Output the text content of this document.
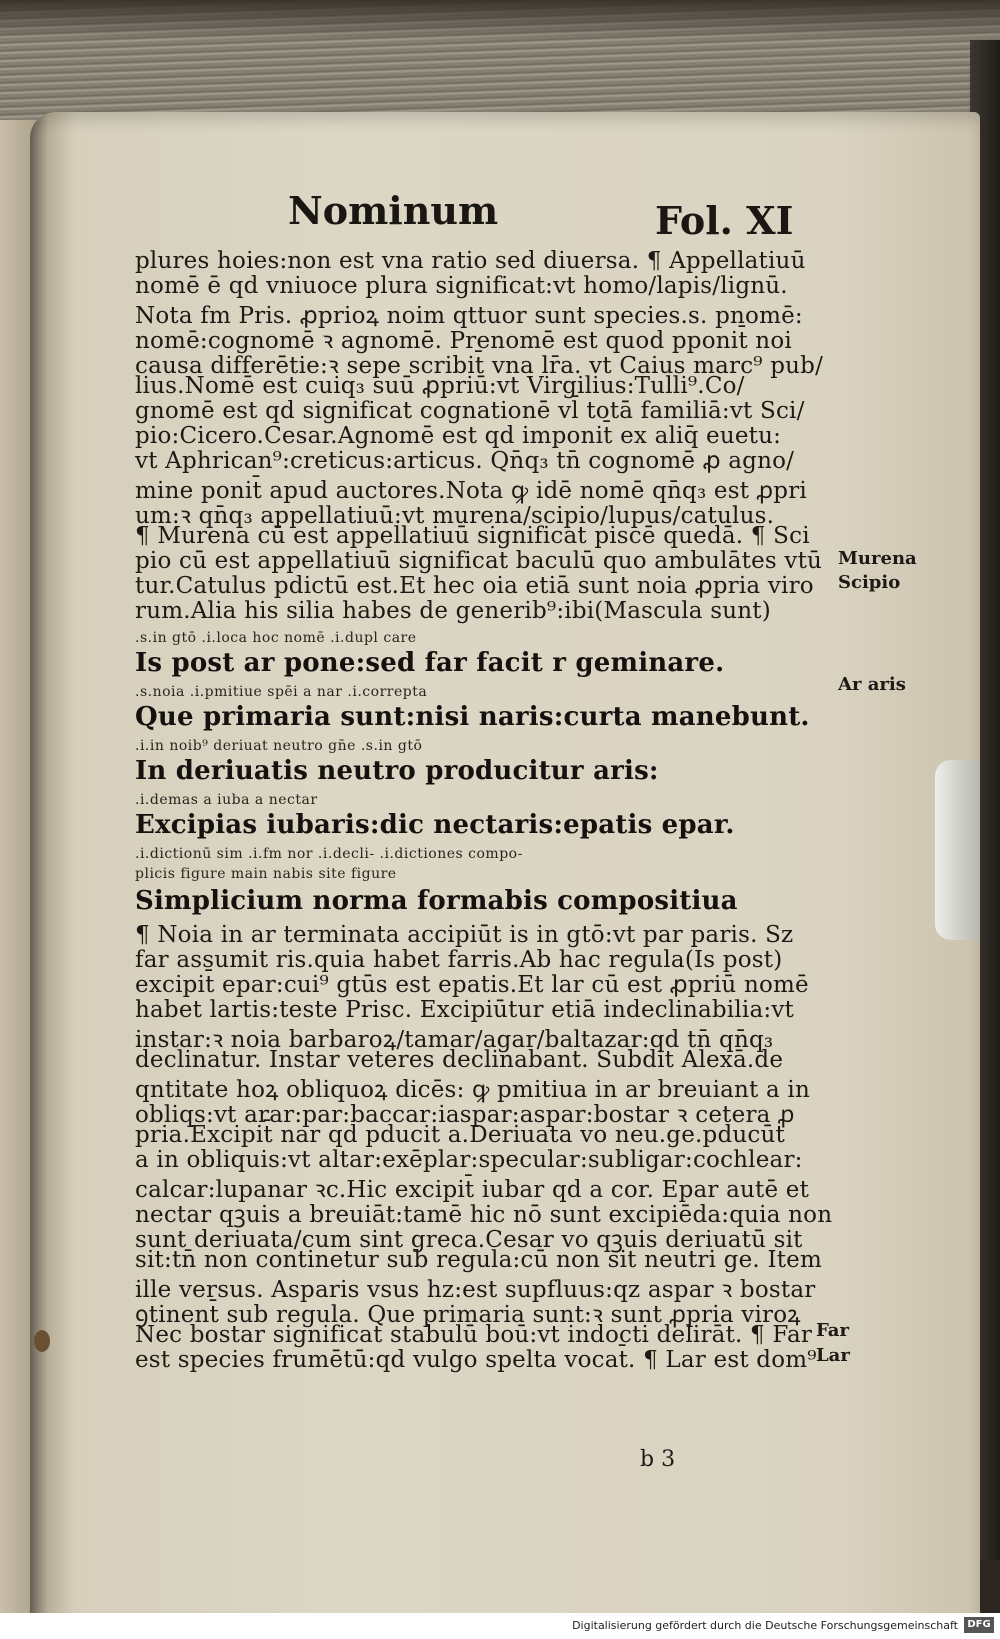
Nominum	Fol. XI
plures hoies:non est vna ratio sed diuersa. ¶ Appellatiuū
nomē ē qd vniuoce plura significat:vt homo/lapis/lignū.
Nota fm Pris. ꝓprioꝝ noim qttuor sunt species.s. pnomē:
nomē:cognomē ꝛ agnomē. Prenomē est quod pponit̄ noi
causa differētie:ꝛ sepe scribit̄ vna lr̄a. vt Caius marc⁹ pub/
lius.Nomē est cuiq₃ suū ꝓpriū:vt Virgilius:Tulli⁹.Co/
gnomē est qd significat cognationē vl̄ totā familiā:vt Sci/
pio:Cicero.Cesar.Agnomē est qd imponit̄ ex aliq̄ euetu:
vt Aphrican⁹:creticus:articus. Qn̄q₃ tn̄ cognomē ꝓ agno/
mine ponit̄ apud auctores.Nota ꝙ idē nomē qn̄q₃ est ꝓpri
um:ꝛ qn̄q₃ appellatiuū:vt murena/scipio/lupus/catulus.
¶ Murena cū est appellatiuū significat piscē quedā. ¶ Sci
pio cū est appellatiuū significat baculū quo ambulātes vtū
tur.Catulus pdictū est.Et hec oia etiā sunt noia ꝓpria viro
rum.Alia his silia habes de generib⁹:ibi(Mascula sunt)
.s.in gtō .i.loca hoc nomē .i.dupl care
Is post ar pone:sed far facit r geminare.
.s.noia .i.pmitiue spēi a nar .i.correpta
Que primaria sunt:nisi naris:curta manebunt.
.i.in noib⁹ deriuat neutro gn̄e .s.in gtō
In deriuatis neutro producitur aris:
.i.demas a iuba a nectar
Excipias iubaris:dic nectaris:epatis epar.
.i.dictionū sim .i.fm nor .i.decli- .i.dictiones compo-
plicis figure main nabis site figure
Simplicium norma formabis compositiua
¶ Noia in ar terminata accipiūt is in gtō:vt par paris. Sz
far assumit ris.quia habet farris.Ab hac regula(Is post)
excipit̄ epar:cui⁹ gtūs est epatis.Et lar cū est ꝓpriū nomē
habet lartis:teste Prisc. Excipiūtur etiā indeclinabilia:vt
instar:ꝛ noia barbaroꝝ/tamar/agar/baltazar:qd tn̄ qn̄q₃
declinatur. Instar veteres declinabant. Subdit Alexā.de
qntitate hoꝝ obliquoꝝ dicēs: ꝙ pmitiua in ar breuiant a in
obliqs:vt arar:par:baccar:iaspar:aspar:bostar ꝛ cetera ꝓ
pria.Excipit̄ nar qd pducit a.Deriuata vo neu.ge.pducūt
a in obliquis:vt altar:exēplar:specular:subligar:cochlear:
calcar:lupanar ꝛc.Hic excipit̄ iubar qd a cor. Epar autē et
nectar qꝫuis a breuiāt:tamē hic nō sunt excipiēda:quia non
sunt deriuata/cum sint greca.Cesar vo qꝫuis deriuatū sit
sit:tn̄ non continetur sub regula:cū non sit neutri ge. Item
ille versus. Asparis vsus hz:est supfluus:qz aspar ꝛ bostar
ꝯtinent̄ sub regula. Que primaria sunt:ꝛ sunt ꝓpria viroꝝ
Nec bostar significat stabulū boū:vt indocti delirāt. ¶ Far
est species frumētū:qd vulgo spelta vocat̄. ¶ Lar est dom⁹
Murena
Scipio
Ar aris
Far
Lar
b 3
Digitalisierung gefördert durch die Deutsche Forschungsgemeinschaft DFG
